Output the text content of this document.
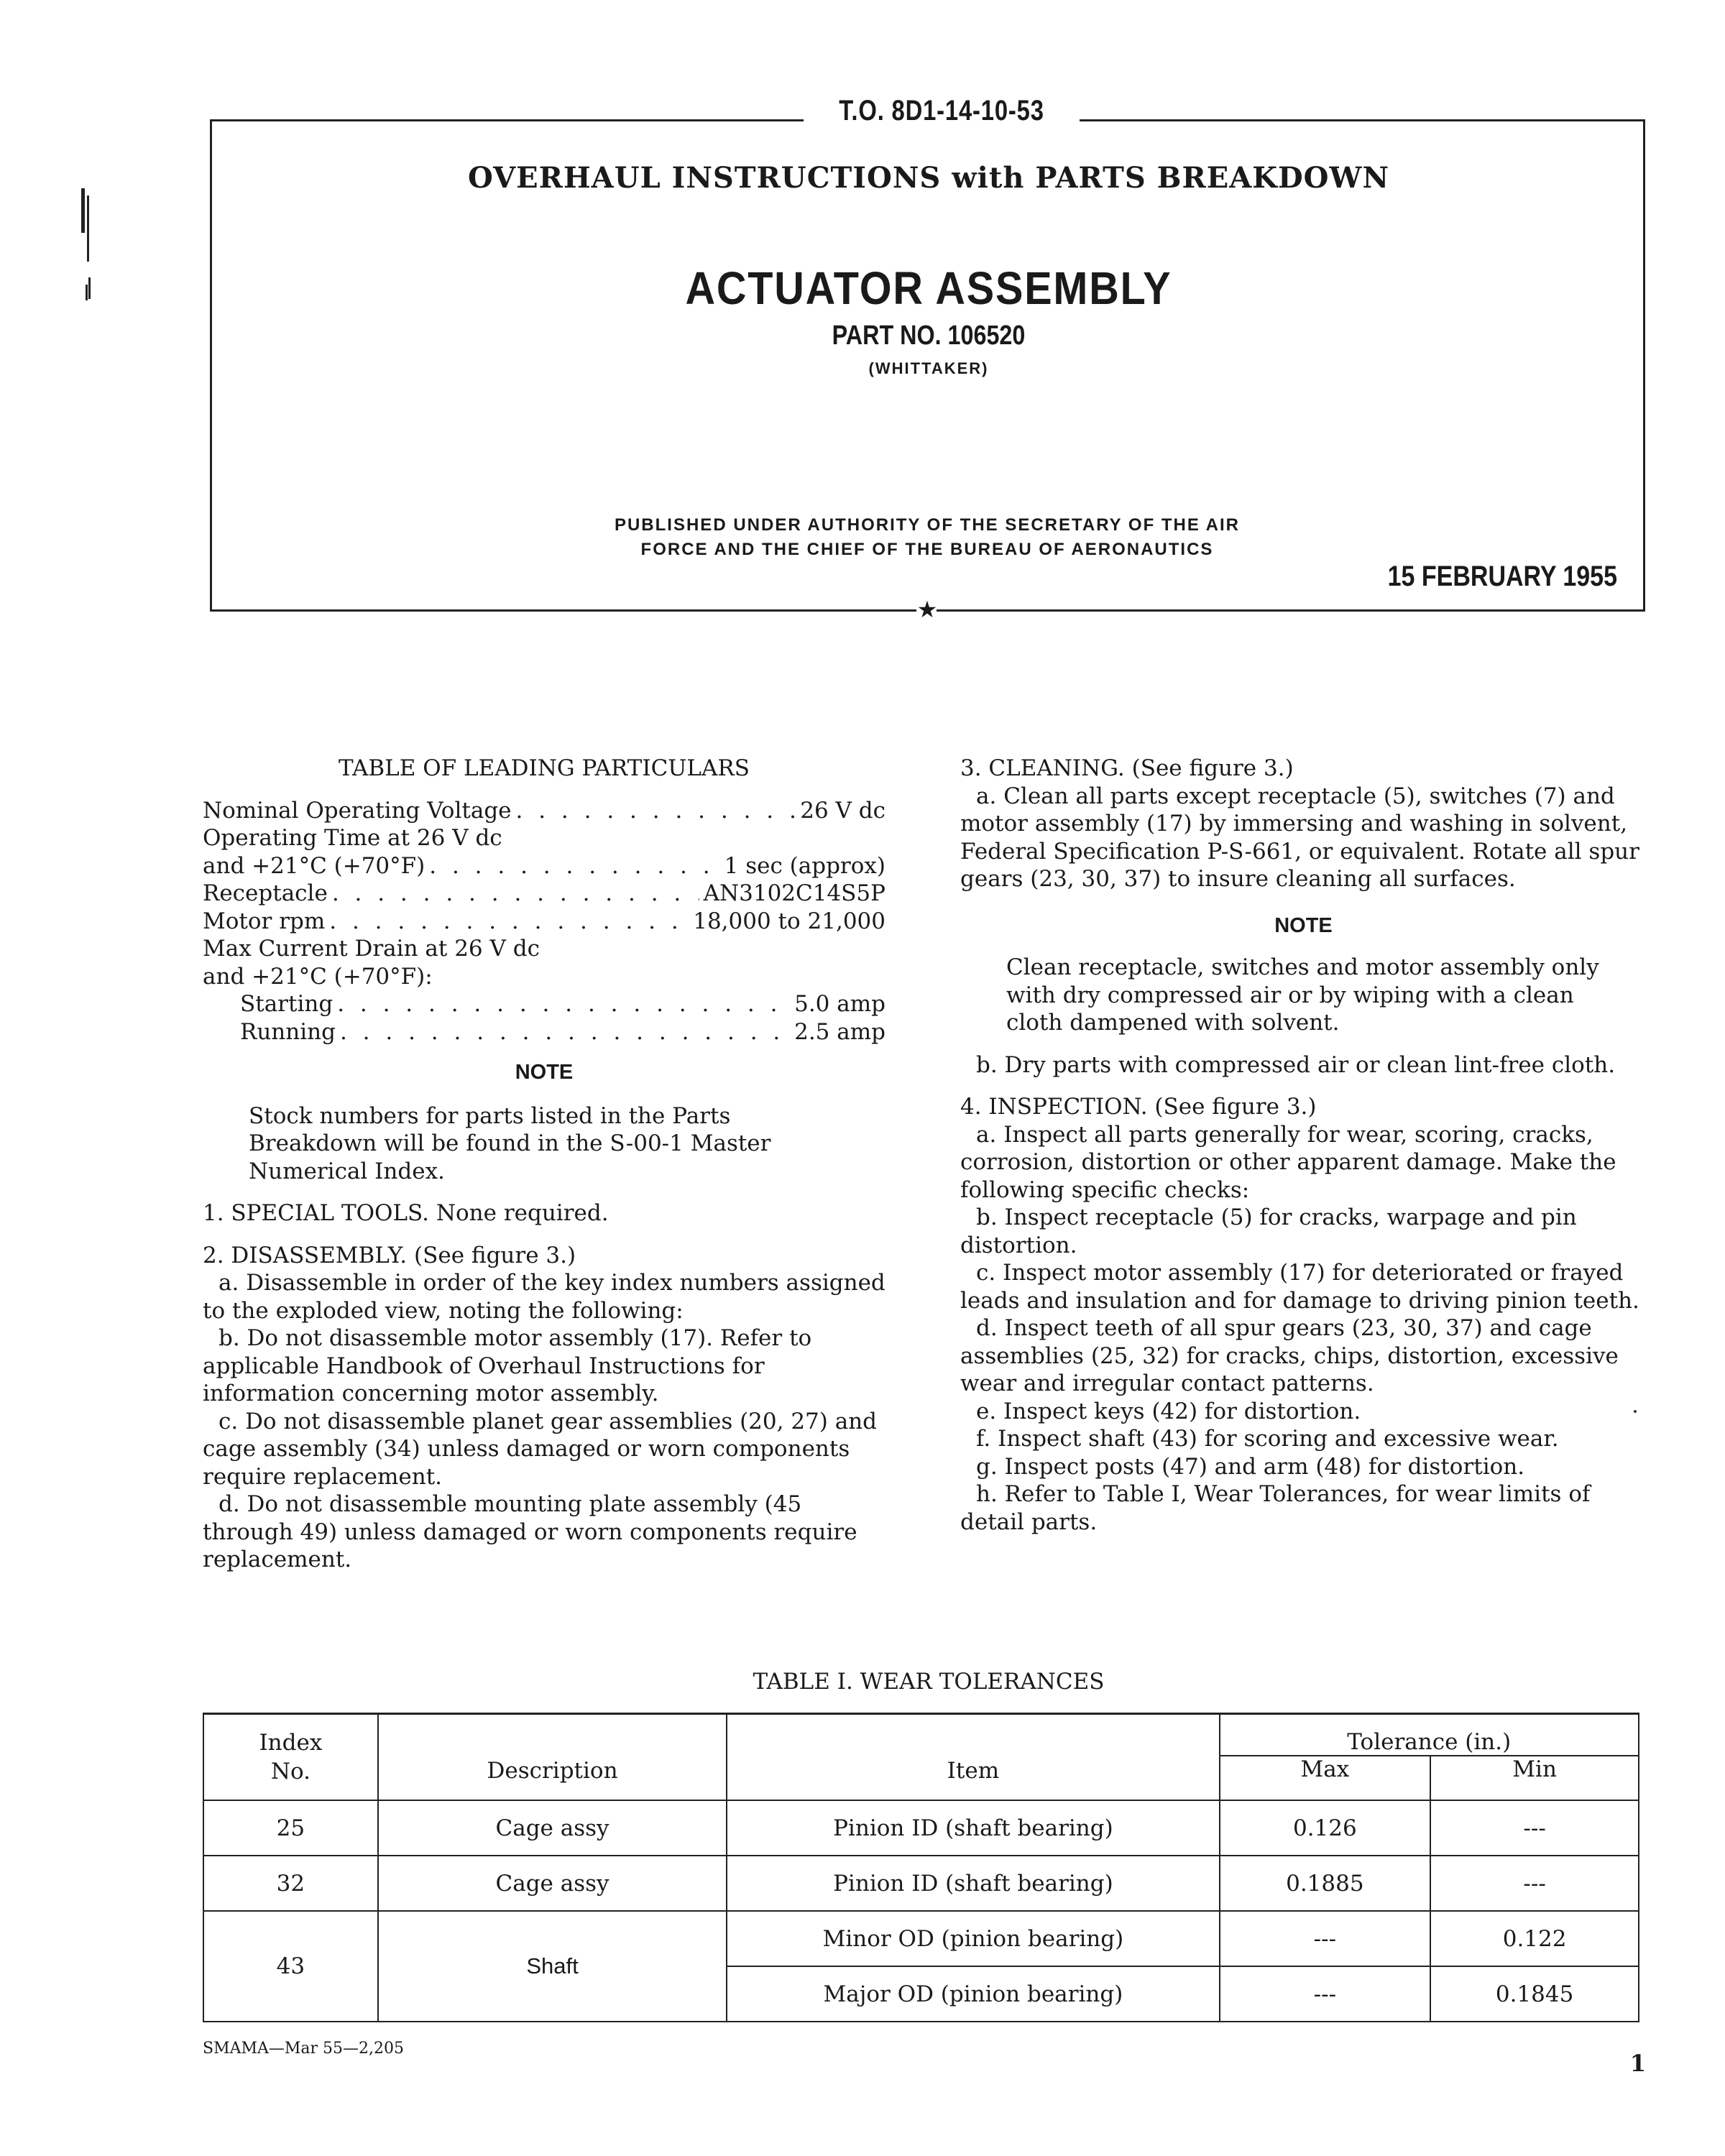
★
T.O. 8D1-14-10-53
OVERHAUL INSTRUCTIONS with PARTS BREAKDOWN
ACTUATOR ASSEMBLY
PART NO. 106520
(WHITTAKER)
PUBLISHED UNDER AUTHORITY OF THE SECRETARY OF THE AIR
FORCE AND THE CHIEF OF THE BUREAU OF AERONAUTICS
15 FEBRUARY 1955
TABLE OF LEADING PARTICULARS
Nominal Operating Voltage . . .	26 V dc
Operating Time at 26 V dc
and +21°C (+70°F) . . .	1 sec (approx)
Receptacle . . .	AN3102C14S5P
Motor rpm . . .	18,000 to 21,000
Max Current Drain at 26 V dc
and +21°C (+70°F):
Starting . . .	5.0 amp
Running . . .	2.5 amp
NOTE

Stock numbers for parts listed in the Parts Breakdown will be found in the S-00-1 Master Numerical Index.

1. SPECIAL TOOLS. None required.

2. DISASSEMBLY. (See figure 3.)

a. Disassemble in order of the key index numbers assigned to the exploded view, noting the following:

b. Do not disassemble motor assembly (17). Refer to applicable Handbook of Overhaul Instructions for information concerning motor assembly.

c. Do not disassemble planet gear assemblies (20, 27) and cage assembly (34) unless damaged or worn components require replacement.

d. Do not disassemble mounting plate assembly (45 through 49) unless damaged or worn components require replacement.

3. CLEANING. (See figure 3.)

a. Clean all parts except receptacle (5), switches (7) and motor assembly (17) by immersing and washing in solvent, Federal Specification P-S-661, or equivalent. Rotate all spur gears (23, 30, 37) to insure cleaning all surfaces.

NOTE

Clean receptacle, switches and motor assembly only with dry compressed air or by wiping with a clean cloth dampened with solvent.

b. Dry parts with compressed air or clean lint-free cloth.

4. INSPECTION. (See figure 3.)

a. Inspect all parts generally for wear, scoring, cracks, corrosion, distortion or other apparent damage. Make the following specific checks:

b. Inspect receptacle (5) for cracks, warpage and pin distortion.

c. Inspect motor assembly (17) for deteriorated or frayed leads and insulation and for damage to driving pinion teeth.

d. Inspect teeth of all spur gears (23, 30, 37) and cage assemblies (25, 32) for cracks, chips, distortion, excessive wear and irregular contact patterns.

e. Inspect keys (42) for distortion.

f. Inspect shaft (43) for scoring and excessive wear.

g. Inspect posts (47) and arm (48) for distortion.

h. Refer to Table I, Wear Tolerances, for wear limits of detail parts.

TABLE I. WEAR TOLERANCES
Index
No.	Description	Item	Tolerance (in.)	
			Max	Min
25	Cage assy	Pinion ID (shaft bearing)	0.126	---
32	Cage assy	Pinion ID (shaft bearing)	0.1885	---
43	Shaft	Minor OD (pinion bearing)	---	0.122
		Major OD (pinion bearing)	---	0.1845
SMAMA—Mar 55—2,205
1
